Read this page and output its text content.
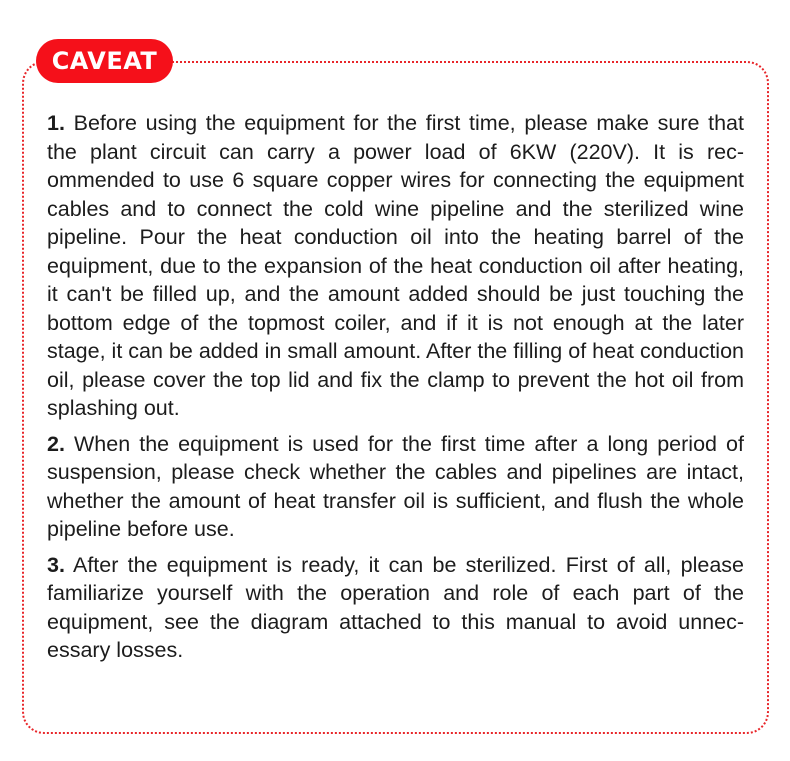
CAVEAT

1. Before using the equipment for the first time, please make sure that the plant circuit can carry a power load of 6KW (220V). It is recommended to use 6 square copper wires for connecting the equipment cables and to connect the cold wine pipeline and the sterilized wine pipeline. Pour the heat conduction oil into the heating barrel of the equipment, due to the expansion of the heat conduction oil after heating, it can't be filled up, and the amount added should be just touching the bottom edge of the topmost coiler, and if it is not enough at the later stage, it can be added in small amount. After the filling of heat conduction oil, please cover the top lid and fix the clamp to prevent the hot oil from splashing out.

2. When the equipment is used for the first time after a long period of suspension, please check whether the cables and pipelines are intact, whether the amount of heat transfer oil is sufficient, and flush the whole pipeline before use.

3. After the equipment is ready, it can be sterilized. First of all, please familiarize yourself with the operation and role of each part of the equipment, see the diagram attached to this manual to avoid unnecessary losses.
